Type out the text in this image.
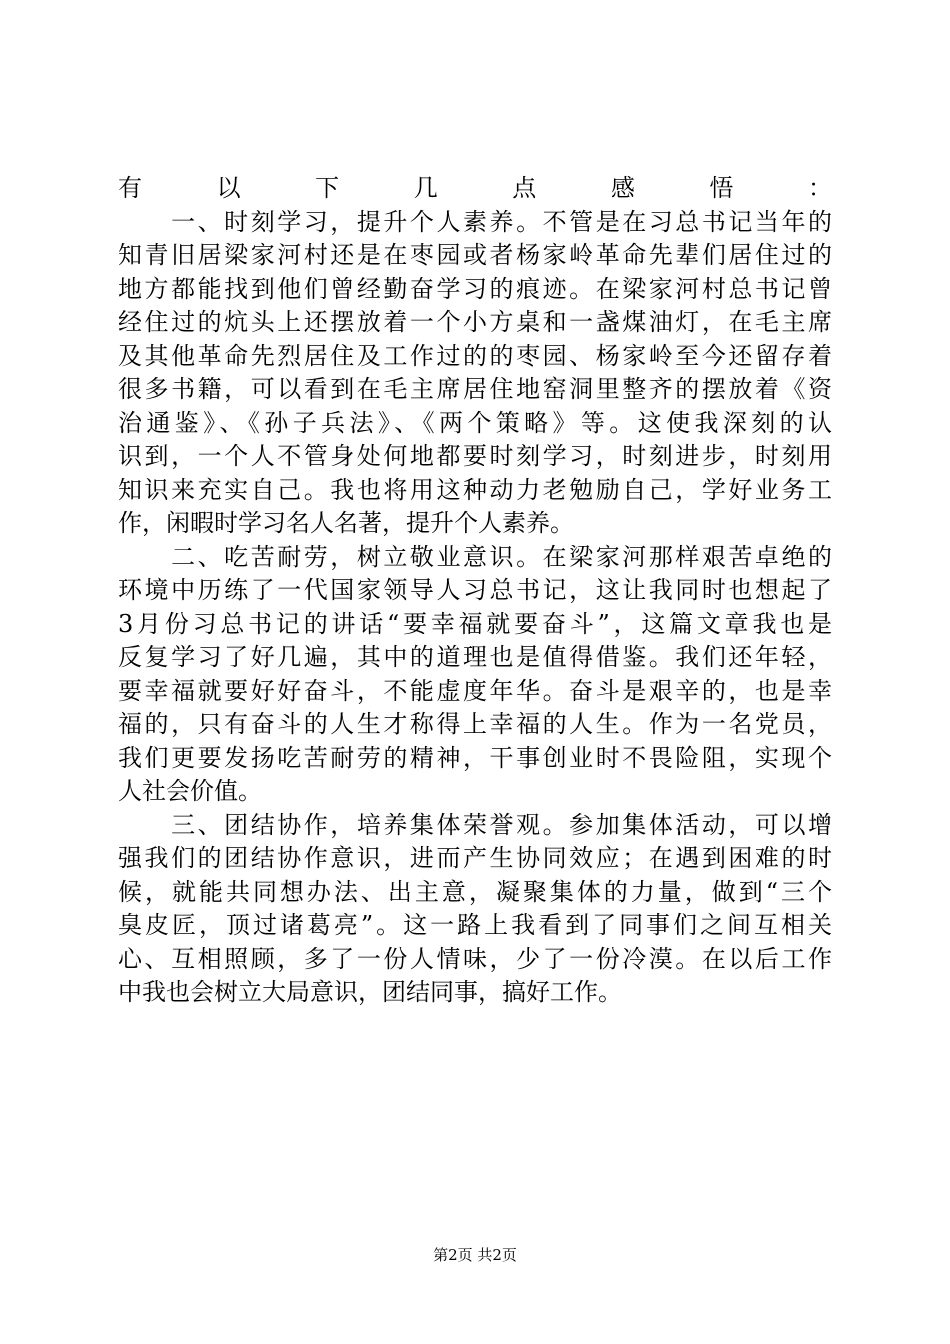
有以下几点感悟：
　　一、时刻学习，提升个人素养。不管是在习总书记当年的
知青旧居梁家河村还是在枣园或者杨家岭革命先辈们居住过的
地方都能找到他们曾经勤奋学习的痕迹。在梁家河村总书记曾
经住过的炕头上还摆放着一个小方桌和一盏煤油灯，在毛主席
及其他革命先烈居住及工作过的的枣园、杨家岭至今还留存着
很多书籍，可以看到在毛主席居住地窑洞里整齐的摆放着《资
治通鉴》、《孙子兵法》、《两个策略》等。这使我深刻的认
识到，一个人不管身处何地都要时刻学习，时刻进步，时刻用
知识来充实自己。我也将用这种动力老勉励自己，学好业务工
作，闲暇时学习名人名著，提升个人素养。
　　二、吃苦耐劳，树立敬业意识。在梁家河那样艰苦卓绝的
环境中历练了一代国家领导人习总书记，这让我同时也想起了
3月份习总书记的讲话“要幸福就要奋斗”，这篇文章我也是
反复学习了好几遍，其中的道理也是值得借鉴。我们还年轻，
要幸福就要好好奋斗，不能虚度年华。奋斗是艰辛的，也是幸
福的，只有奋斗的人生才称得上幸福的人生。作为一名党员，
我们更要发扬吃苦耐劳的精神，干事创业时不畏险阻，实现个
人社会价值。
　　三、团结协作，培养集体荣誉观。参加集体活动，可以增
强我们的团结协作意识，进而产生协同效应；在遇到困难的时
候，就能共同想办法、出主意，凝聚集体的力量，做到“三个
臭皮匠，顶过诸葛亮”。这一路上我看到了同事们之间互相关
心、互相照顾，多了一份人情味，少了一份冷漠。在以后工作
中我也会树立大局意识，团结同事，搞好工作。
第2页 共2页
